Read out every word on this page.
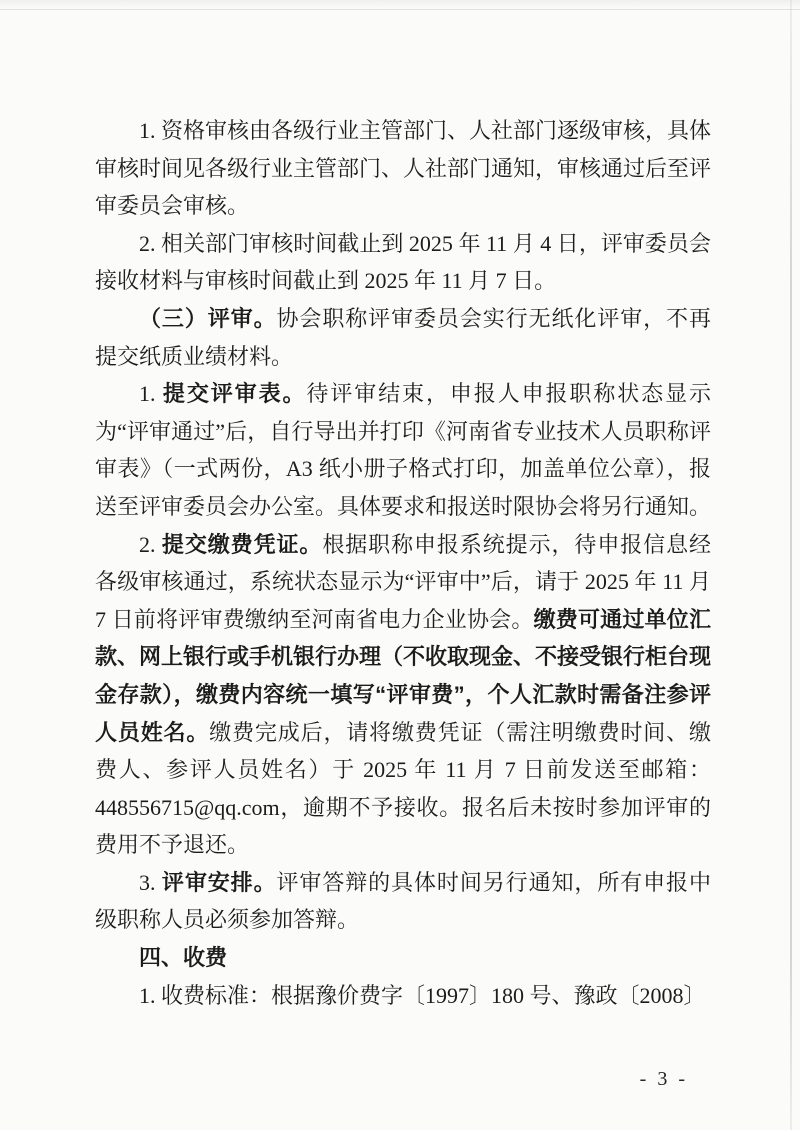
1. 资格审核由各级行业主管部门、人社部门逐级审核，具体审核时间见各级行业主管部门、人社部门通知，审核通过后至评审委员会审核。

2. 相关部门审核时间截止到 2025 年 11 月 4 日，评审委员会接收材料与审核时间截止到 2025 年 11 月 7 日。

（三）评审。协会职称评审委员会实行无纸化评审，不再提交纸质业绩材料。

1. 提交评审表。待评审结束，申报人申报职称状态显示为“评审通过”后，自行导出并打印《河南省专业技术人员职称评审表》（一式两份，A3 纸小册子格式打印，加盖单位公章），报送至评审委员会办公室。具体要求和报送时限协会将另行通知。

2. 提交缴费凭证。根据职称申报系统提示，待申报信息经各级审核通过，系统状态显示为“评审中”后，请于 2025 年 11 月 7 日前将评审费缴纳至河南省电力企业协会。缴费可通过单位汇款、网上银行或手机银行办理（不收取现金、不接受银行柜台现金存款），缴费内容统一填写“评审费”，个人汇款时需备注参评人员姓名。缴费完成后，请将缴费凭证（需注明缴费时间、缴费人、参评人员姓名）于 2025 年 11 月 7 日前发送至邮箱：448556715@qq.com，逾期不予接收。报名后未按时参加评审的费用不予退还。

3. 评审安排。评审答辩的具体时间另行通知，所有申报中级职称人员必须参加答辩。

四、收费

1. 收费标准：根据豫价费字〔1997〕180 号、豫政〔2008〕

- 3 -
